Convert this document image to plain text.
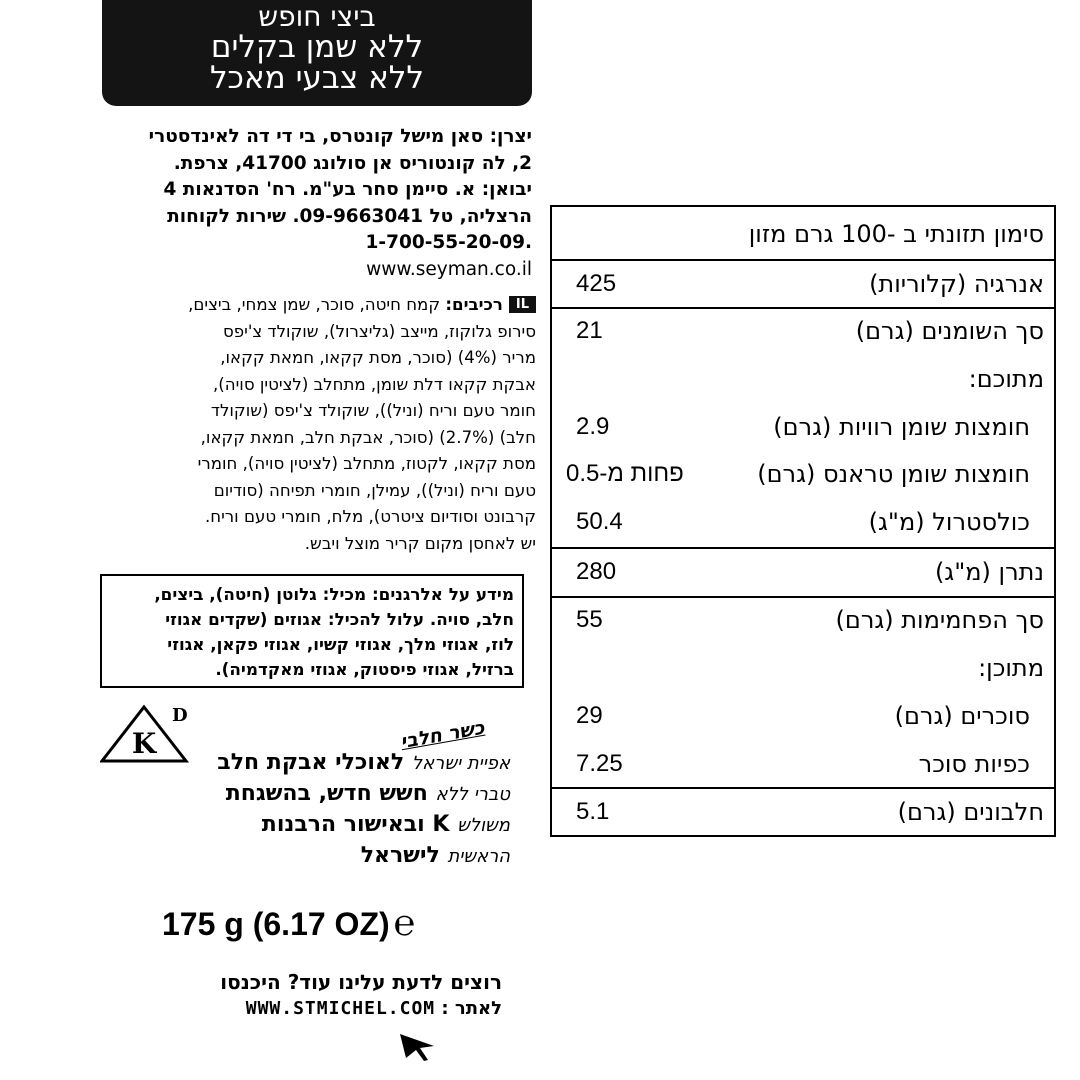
ביצי חופש
ללא שמן בקלים
ללא צבעי מאכל
יצרן: סאן מישל קונטרס, בי די דה לאינדסטרי
2, לה קונטוריס אן סולונג 41700, צרפת.
יבואן: א. סיימן סחר בע"מ. רח' הסדנאות 4
הרצליה, טל 09-9663041. שירות לקוחות
.1-700-55-20-09
www.seyman.co.il
ILרכיבים: קמח חיטה, סוכר, שמן צמחי, ביצים,
סירופ גלוקוז, מייצב (גליצרול), שוקולד צ'יפס
מריר (4%) (סוכר, מסת קקאו, חמאת קקאו,
אבקת קקאו דלת שומן, מתחלב (לציטין סויה),
חומר טעם וריח (וניל)), שוקולד צ'יפס (שוקולד
חלב) (2.7%) (סוכר, אבקת חלב, חמאת קקאו,
מסת קקאו, לקטוז, מתחלב (לציטין סויה), חומרי
טעם וריח (וניל)), עמילן, חומרי תפיחה (סודיום
קרבונט וסודיום ציטרט), מלח, חומרי טעם וריח.
יש לאחסן מקום קריר מוצל ויבש.
מידע על אלרגנים: מכיל: גלוטן (חיטה), ביצים,
חלב, סויה. עלול להכיל: אגוזים (שקדים אגוזי
לוז, אגוזי מלך, אגוזי קשיו, אגוזי פקאן, אגוזי
ברזיל, אגוזי פיסטוק, אגוזי מאקדמיה).
K
D
כשר חלבי
אפיית ישראל לאוכלי אבקת חלב
טברי ללא חשש חדש, בהשגחת
משולש K ובאישור הרבנות
הראשית לישראל
175 g (6.17 OZ) ℮
רוצים לדעת עלינו עוד? היכנסו
לאתר : WWW.STMICHEL.COM
סימון תזונתי ב -100 גרם מזון
אנרגיה (קלוריות)
425
סך השומנים (גרם)
21
מתוכם:
חומצות שומן רוויות (גרם)
2.9
חומצות שומן טראנס (גרם)
פחות מ-0.5
כולסטרול (מ"ג)
50.4
נתרן (מ"ג)
280
סך הפחמימות (גרם)
55
מתוכן:
סוכרים (גרם)
29
כפיות סוכר
7.25
חלבונים (גרם)
5.1
